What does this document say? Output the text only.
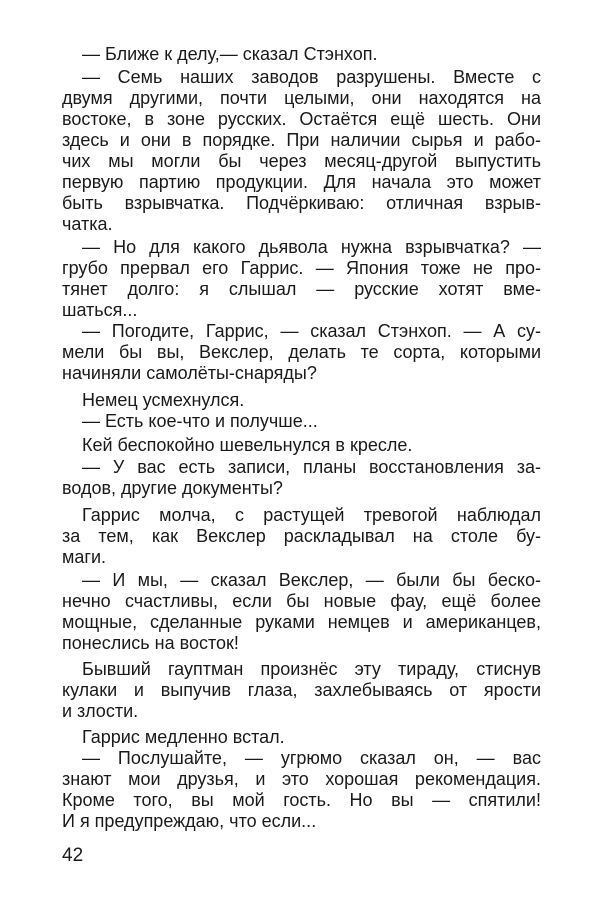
— Ближе к делу,— сказал Стэнхоп.
— Семь наших заводов разрушены. Вместе с
двумя другими, почти целыми, они находятся на
востоке, в зоне русских. Остаётся ещё шесть. Они
здесь и они в порядке. При наличии сырья и рабо-
чих мы могли бы через месяц-другой выпустить
первую партию продукции. Для начала это может
быть взрывчатка. Подчёркиваю: отличная взрыв-
чатка.
— Но для какого дьявола нужна взрывчатка? —
грубо прервал его Гаррис. — Япония тоже не про-
тянет долго: я слышал — русские хотят вме-
шаться...
— Погодите, Гаррис, — сказал Стэнхоп. — А су-
мели бы вы, Векслер, делать те сорта, которыми
начиняли самолёты-снаряды?
Немец усмехнулся.
— Есть кое-что и получше...
Кей беспокойно шевельнулся в кресле.
— У вас есть записи, планы восстановления за-
водов, другие документы?
Гаррис молча, с растущей тревогой наблюдал
за тем, как Векслер раскладывал на столе бу-
маги.
— И мы, — сказал Векслер, — были бы беско-
нечно счастливы, если бы новые фау, ещё более
мощные, сделанные руками немцев и американцев,
понеслись на восток!
Бывший гауптман произнёс эту тираду, стиснув
кулаки и выпучив глаза, захлебываясь от ярости
и злости.
Гаррис медленно встал.
— Послушайте, — угрюмо сказал он, — вас
знают мои друзья, и это хорошая рекомендация.
Кроме того, вы мой гость. Но вы — спятили!
И я предупреждаю, что если...
42
